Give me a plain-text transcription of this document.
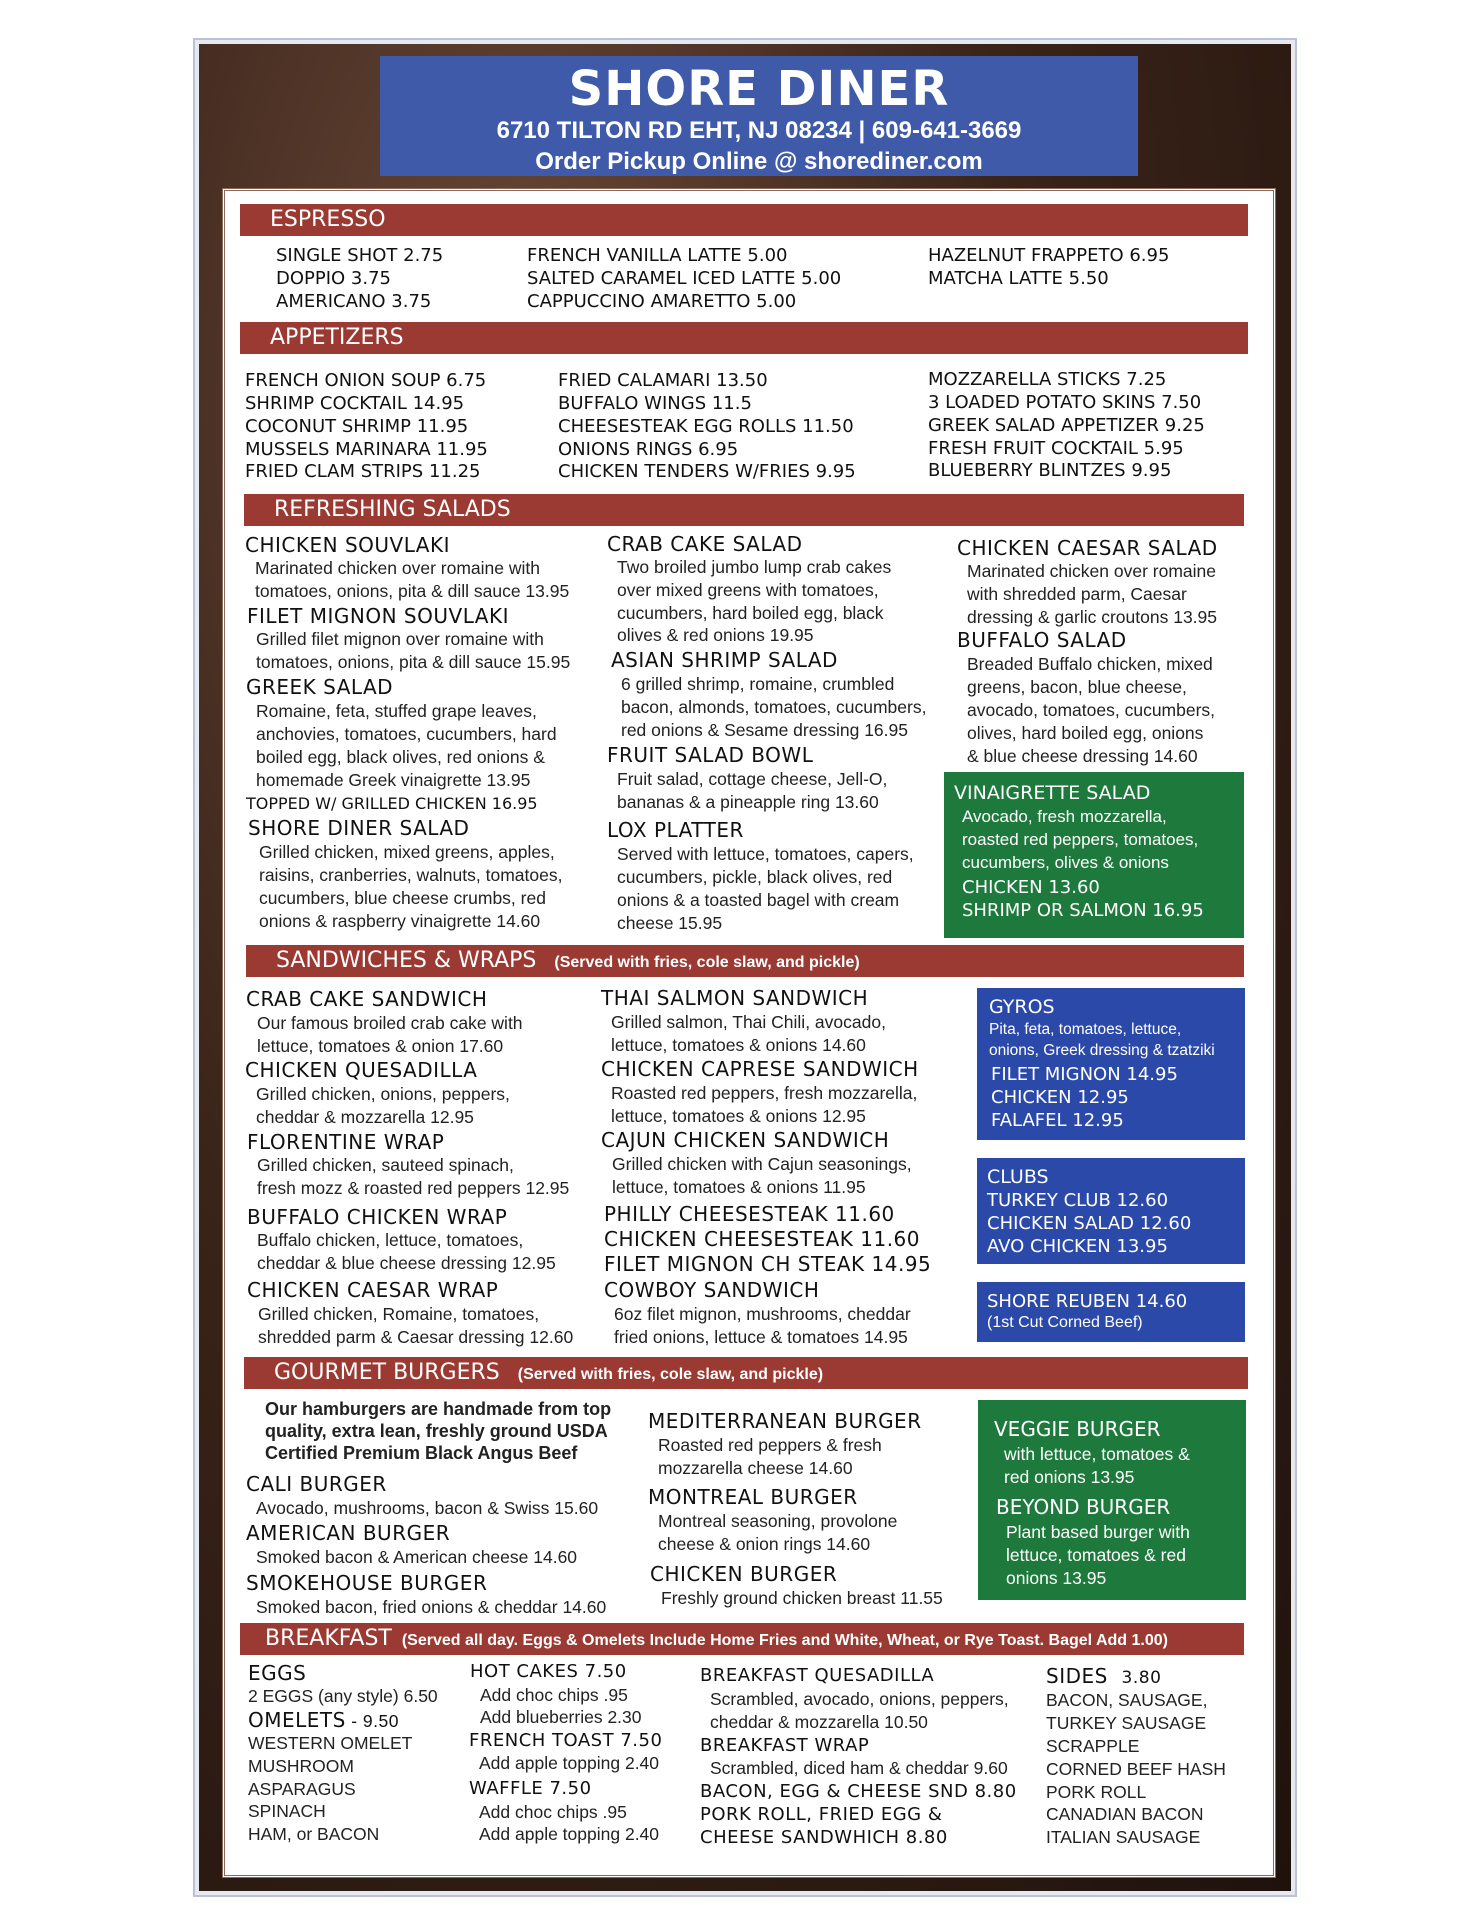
SHORE DINER
6710 TILTON RD EHT, NJ 08234 | 609-641-3669
Order Pickup Online @ shorediner.com
ESPRESSO
SINGLE SHOT 2.75
DOPPIO 3.75
AMERICANO 3.75
FRENCH VANILLA LATTE 5.00
SALTED CARAMEL ICED LATTE 5.00
CAPPUCCINO AMARETTO 5.00
HAZELNUT FRAPPETO 6.95
MATCHA LATTE 5.50
APPETIZERS
FRENCH ONION SOUP 6.75
SHRIMP COCKTAIL 14.95
COCONUT SHRIMP 11.95
MUSSELS MARINARA 11.95
FRIED CLAM STRIPS 11.25
FRIED CALAMARI 13.50
BUFFALO WINGS 11.5
CHEESESTEAK EGG ROLLS 11.50
ONIONS RINGS 6.95
CHICKEN TENDERS W/FRIES 9.95
MOZZARELLA STICKS 7.25
3 LOADED POTATO SKINS 7.50
GREEK SALAD APPETIZER 9.25
FRESH FRUIT COCKTAIL 5.95
BLUEBERRY BLINTZES 9.95
REFRESHING SALADS
CHICKEN SOUVLAKI
Marinated chicken over romaine with
tomatoes, onions, pita & dill sauce 13.95
FILET MIGNON SOUVLAKI
Grilled filet mignon over romaine with
tomatoes, onions, pita & dill sauce 15.95
GREEK SALAD
Romaine, feta, stuffed grape leaves,
anchovies, tomatoes, cucumbers, hard
boiled egg, black olives, red onions &
homemade Greek vinaigrette 13.95
TOPPED W/ GRILLED CHICKEN 16.95
SHORE DINER SALAD
Grilled chicken, mixed greens, apples,
raisins, cranberries, walnuts, tomatoes,
cucumbers, blue cheese crumbs, red
onions & raspberry vinaigrette 14.60
CRAB CAKE SALAD
Two broiled jumbo lump crab cakes
over mixed greens with tomatoes,
cucumbers, hard boiled egg, black
olives & red onions 19.95
ASIAN SHRIMP SALAD
6 grilled shrimp, romaine, crumbled
bacon, almonds, tomatoes, cucumbers,
red onions & Sesame dressing 16.95
FRUIT SALAD BOWL
Fruit salad, cottage cheese, Jell-O,
bananas & a pineapple ring 13.60
LOX PLATTER
Served with lettuce, tomatoes, capers,
cucumbers, pickle, black olives, red
onions & a toasted bagel with cream
cheese 15.95
CHICKEN CAESAR SALAD
Marinated chicken over romaine
with shredded parm, Caesar
dressing & garlic croutons 13.95
BUFFALO SALAD
Breaded Buffalo chicken, mixed
greens, bacon, blue cheese,
avocado, tomatoes, cucumbers,
olives, hard boiled egg, onions
& blue cheese dressing 14.60
VINAIGRETTE SALAD
Avocado, fresh mozzarella,
roasted red peppers, tomatoes,
cucumbers, olives & onions
CHICKEN 13.60
SHRIMP OR SALMON 16.95
SANDWICHES & WRAPS (Served with fries, cole slaw, and pickle)
CRAB CAKE SANDWICH
Our famous broiled crab cake with
lettuce, tomatoes & onion 17.60
CHICKEN QUESADILLA
Grilled chicken, onions, peppers,
cheddar & mozzarella 12.95
FLORENTINE WRAP
Grilled chicken, sauteed spinach,
fresh mozz & roasted red peppers 12.95
BUFFALO CHICKEN WRAP
Buffalo chicken, lettuce, tomatoes,
cheddar & blue cheese dressing 12.95
CHICKEN CAESAR WRAP
Grilled chicken, Romaine, tomatoes,
shredded parm & Caesar dressing 12.60
THAI SALMON SANDWICH
Grilled salmon, Thai Chili, avocado,
lettuce, tomatoes & onions 14.60
CHICKEN CAPRESE SANDWICH
Roasted red peppers, fresh mozzarella,
lettuce, tomatoes & onions 12.95
CAJUN CHICKEN SANDWICH
Grilled chicken with Cajun seasonings,
lettuce, tomatoes & onions 11.95
PHILLY CHEESESTEAK 11.60
CHICKEN CHEESESTEAK 11.60
FILET MIGNON CH STEAK 14.95
COWBOY SANDWICH
6oz filet mignon, mushrooms, cheddar
fried onions, lettuce & tomatoes 14.95
GYROS
Pita, feta, tomatoes, lettuce,
onions, Greek dressing & tzatziki
FILET MIGNON 14.95
CHICKEN 12.95
FALAFEL 12.95
CLUBS
TURKEY CLUB 12.60
CHICKEN SALAD 12.60
AVO CHICKEN 13.95
SHORE REUBEN 14.60
(1st Cut Corned Beef)
GOURMET BURGERS (Served with fries, cole slaw, and pickle)
Our hamburgers are handmade from top
quality, extra lean, freshly ground USDA
Certified Premium Black Angus Beef
CALI BURGER
Avocado, mushrooms, bacon & Swiss 15.60
AMERICAN BURGER
Smoked bacon & American cheese 14.60
SMOKEHOUSE BURGER
Smoked bacon, fried onions & cheddar 14.60
MEDITERRANEAN BURGER
Roasted red peppers & fresh
mozzarella cheese 14.60
MONTREAL BURGER
Montreal seasoning, provolone
cheese & onion rings 14.60
CHICKEN BURGER
Freshly ground chicken breast 11.55
VEGGIE BURGER
with lettuce, tomatoes &
red onions 13.95
BEYOND BURGER
Plant based burger with
lettuce, tomatoes & red
onions 13.95
BREAKFAST (Served all day. Eggs & Omelets Include Home Fries and White, Wheat, or Rye Toast. Bagel Add 1.00)
EGGS
2 EGGS (any style) 6.50
OMELETS - 9.50
WESTERN OMELET
MUSHROOM
ASPARAGUS
SPINACH
HAM, or BACON
HOT CAKES 7.50
Add choc chips .95
Add blueberries 2.30
FRENCH TOAST 7.50
Add apple topping 2.40
WAFFLE 7.50
Add choc chips .95
Add apple topping 2.40
BREAKFAST QUESADILLA
Scrambled, avocado, onions, peppers,
cheddar & mozzarella 10.50
BREAKFAST WRAP
Scrambled, diced ham & cheddar 9.60
BACON, EGG & CHEESE SND 8.80
PORK ROLL, FRIED EGG &
CHEESE SANDWHICH 8.80
SIDES 3.80
BACON, SAUSAGE,
TURKEY SAUSAGE
SCRAPPLE
CORNED BEEF HASH
PORK ROLL
CANADIAN BACON
ITALIAN SAUSAGE
